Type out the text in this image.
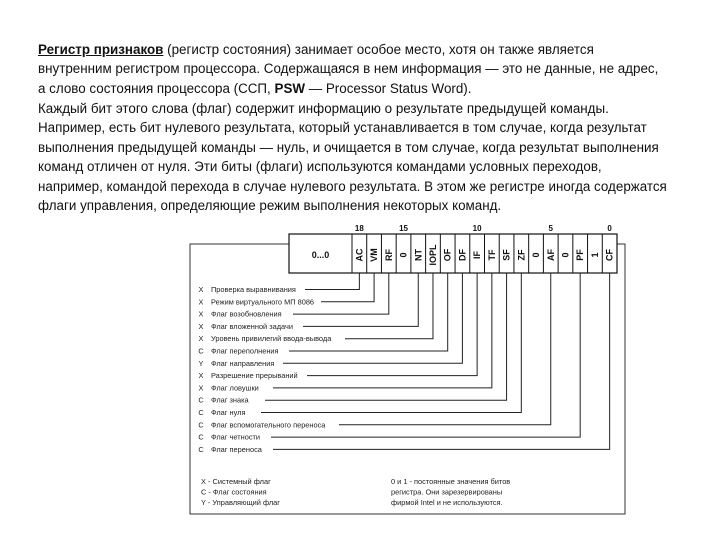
Регистр признаков (регистр состояния) занимает особое место, хотя он также является внутренним регистром процессора. Содержащаяся в нем информация — это не данные, не адрес, а слово состояния процессора (ССП, PSW — Processor Status Word).

Каждый бит этого слова (флаг) содержит информацию о результате предыдущей команды. Например, есть бит нулевого результата, который устанавливается в том случае, когда результат выполнения предыдущей команды — нуль, и очищается в том случае, когда результат выполнения команд отличен от нуля. Эти биты (флаги) используются командами условных переходов, например, командой перехода в случае нулевого результата. В этом же регистре иногда содержатся флаги управления, определяющие режим выполнения некоторых команд.

0...0	AC VM RF 0 NT IOPL OF DF IF TF SF ZF 0 AF 0 PF 1 CF
18	15	10	5	0
X Проверка выравнивания
X Режим виртуального МП 8086
X Флаг возобновления
X Флаг вложенной задачи
X Уровень привилегий ввода-вывода
C Флаг переполнения
Y Флаг направления
X Разрешение прерываний
X Флаг ловушки
C Флаг знака
C Флаг нуля
C Флаг вспомогательного переноса
C Флаг четности
C Флаг переноса
X - Системный флаг
C - Флаг состояния
Y - Управляющий флаг
0 и 1 - постоянные значения битов
регистра. Они зарезервированы
фирмой Intel и не используются.
